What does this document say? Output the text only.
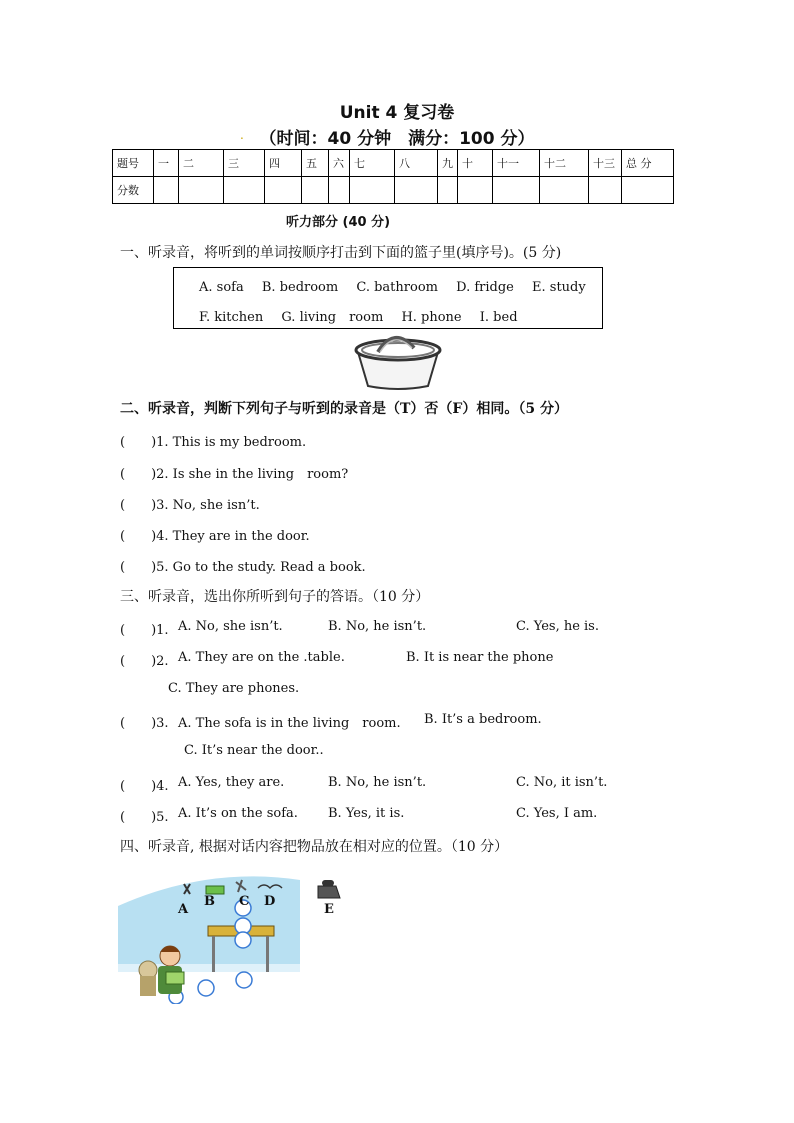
Unit 4 复习卷
. （时间：40 分钟　满分：100 分）
题号	一	二	三	四	五	六	七	八	九	十	十一	十二	十三	总 分
分数														
听力部分 (40 分)
一、听录音，将听到的单词按顺序打击到下面的篮子里(填序号)。(5 分)
A. sofa B. bedroom C. bathroom D. fridge E. study
F. kitchen G. living　room H. phone I. bed
二、听录音，判断下列句子与听到的录音是（T）否（F）相同。（5 分）
(　　)1. This is my bedroom.
(　　)2. Is she in the living　room?
(　　)3. No, she isn’t.
(　　)4. They are in the door.
(　　)5. Go to the study. Read a book.
三、听录音，选出你所听到句子的答语。（10 分）
(　　)1. A. No, she isn’t.	B. No, he isn’t.	C. Yes, he is.
(　　)2. A. They are on the .table.	B. It is near the phone
C. They are phones.
(　　)3. A. The sofa is in the living　room. B. It’s a bedroom.
C. It’s near the door..
(　　)4. A. Yes, they are.	B. No, he isn’t.	C. No, it isn’t.
(　　)5. A. It’s on the sofa. B. Yes, it is.	C. Yes, I am.
四、听录音, 根据对话内容把物品放在相对应的位置。（10 分）
A
B C D
E
